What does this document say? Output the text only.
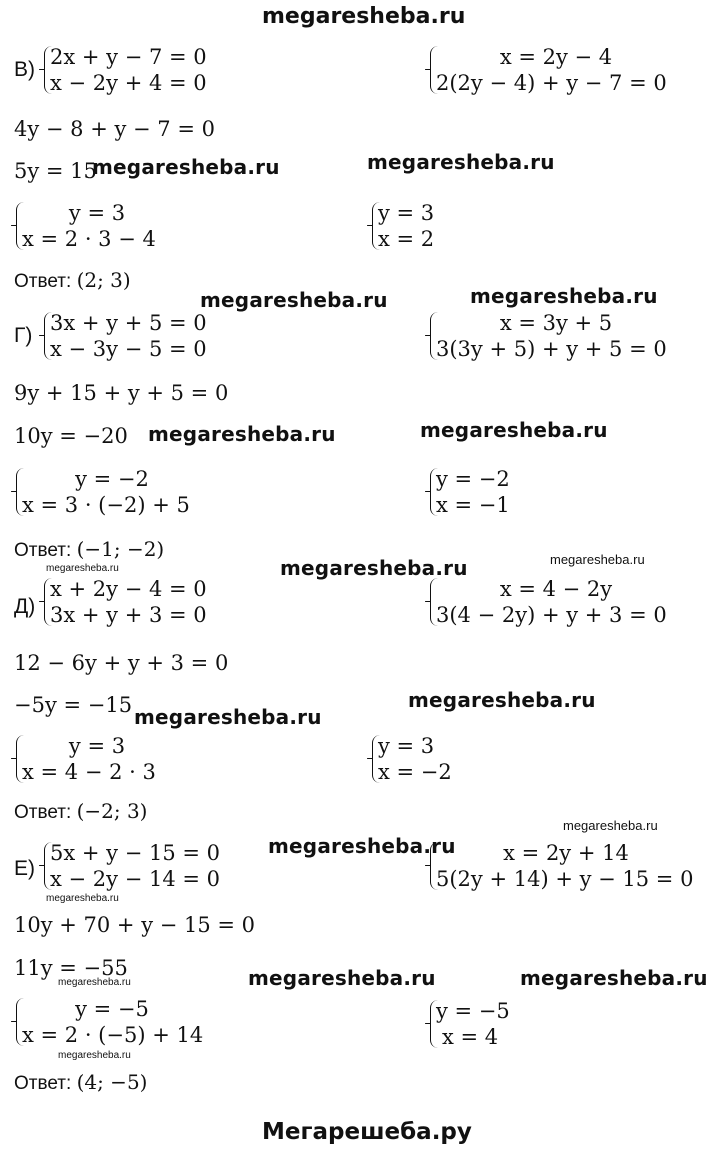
megaresheba.ru
В)
2x + y − 7 = 0
x − 2y + 4 = 0
x = 2y − 4
2(2y − 4) + y − 7 = 0
4y − 8 + y − 7 = 0
5y = 15
megaresheba.ru	megaresheba.ru
y = 3
x = 2 · 3 − 4
y = 3
x = 2
Ответ: (2; 3)
megaresheba.ru	megaresheba.ru
Г)
3x + y + 5 = 0
x − 3y − 5 = 0
x = 3y + 5
3(3y + 5) + y + 5 = 0
9y + 15 + y + 5 = 0
10y = −20 megaresheba.ru	megaresheba.ru
y = −2
x = 3 · (−2) + 5
y = −2
x = −1
Ответ: (−1; −2)
megaresheba.ru	megaresheba.ru
megaresheba.ru
Д)
x + 2y − 4 = 0
3x + y + 3 = 0
x = 4 − 2y
3(4 − 2y) + y + 3 = 0
12 − 6y + y + 3 = 0
−5y = −15 megaresheba.ru
megaresheba.ru
y = 3
x = 4 − 2 · 3
y = 3
x = −2
Ответ: (−2; 3)
megaresheba.ru
Е)
5x + y − 15 = 0
x − 2y − 14 = 0
megaresheba.ru	x = 2y + 14
5(2y + 14) + y − 15 = 0
megaresheba.ru
10y + 70 + y − 15 = 0
11y = −55
megaresheba.ru	megaresheba.ru	megaresheba.ru
y = −5
x = 2 · (−5) + 14
y = −5
x = 4
megaresheba.ru
Ответ: (4; −5)
Мегарешеба.ру
